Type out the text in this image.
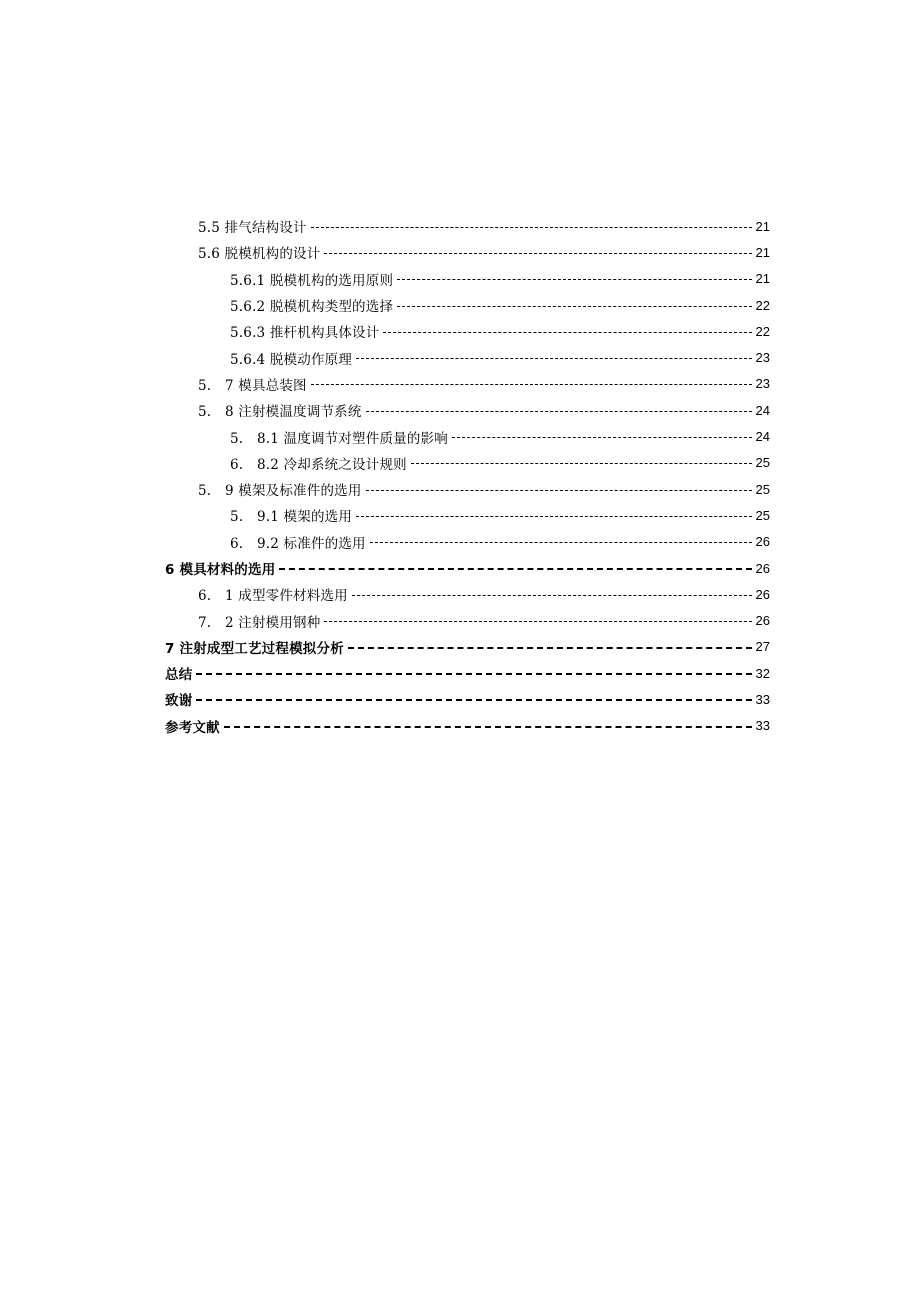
5.5 排气结构设计	21
5.6 脱模机构的设计	21
5.6.1 脱模机构的选用原则	21
5.6.2 脱模机构类型的选择	22
5.6.3 推杆机构具体设计	22
5.6.4 脱模动作原理	23
5.　7 模具总装图	23
5.　8 注射模温度调节系统	24
5.　8.1 温度调节对塑件质量的影响	24
6.　8.2 冷却系统之设计规则	25
5.　9 模架及标准件的选用	25
5.　9.1 模架的选用	25
6.　9.2 标准件的选用	26
6 模具材料的选用	26
6.　1 成型零件材料选用	26
7.　2 注射模用钢种	26
7 注射成型工艺过程模拟分析	27
总结	32
致谢	33
参考文献	33
